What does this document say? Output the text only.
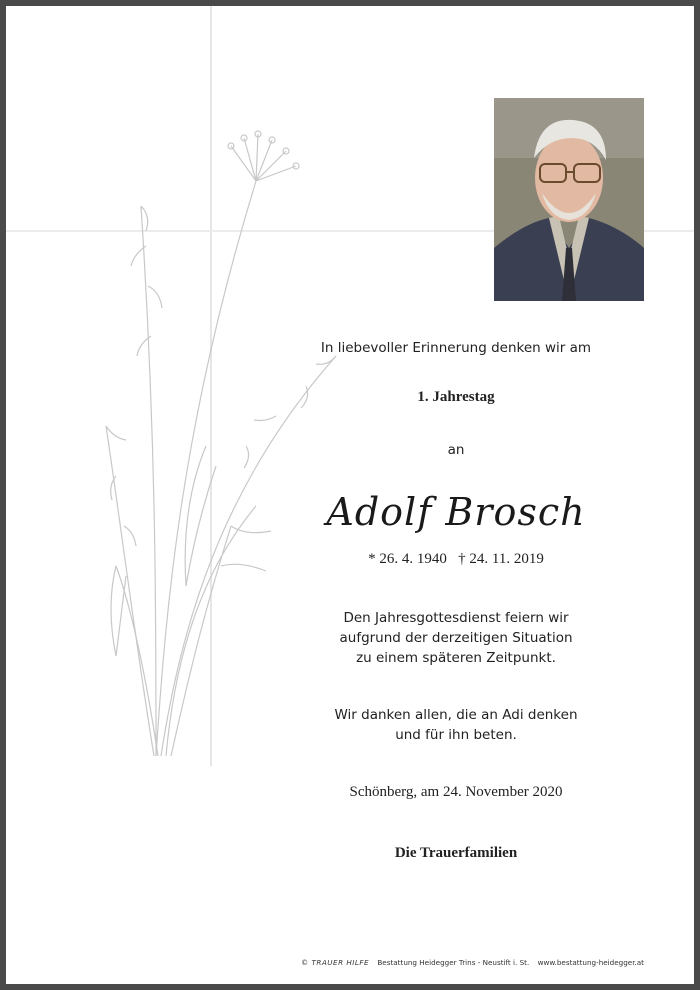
In liebevoller Erinnerung denken wir am
1. Jahrestag
an
Adolf Brosch
* 26. 4. 1940   † 24. 11. 2019
Den Jahresgottesdienst feiern wir
aufgrund der derzeitigen Situation
zu einem späteren Zeitpunkt.
Wir danken allen, die an Adi denken
und für ihn beten.
Schönberg, am 24. November 2020
Die Trauerfamilien
© TRAUER HILFE Bestattung Heidegger Trins - Neustift i. St. www.bestattung-heidegger.at
